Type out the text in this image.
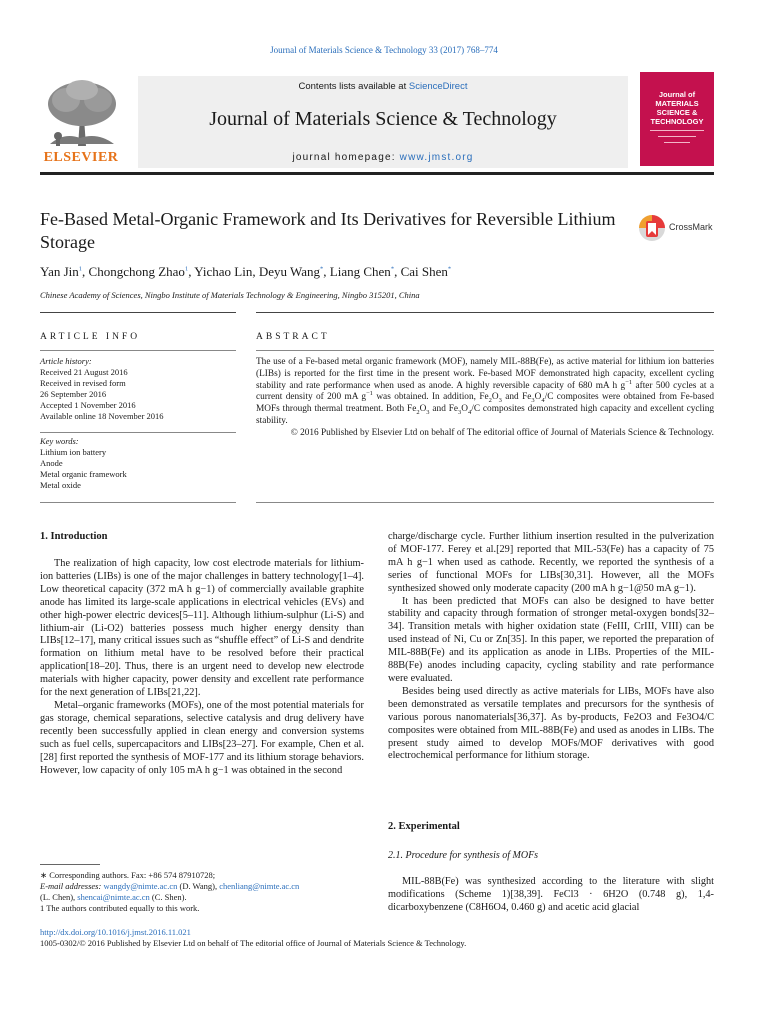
Journal of Materials Science & Technology 33 (2017) 768–774
Contents lists available at ScienceDirect
Journal of Materials Science & Technology
journal homepage: www.jmst.org
ELSEVIER
Journal of MATERIALS SCIENCE & TECHNOLOGY
Fe-Based Metal-Organic Framework and Its Derivatives for Reversible Lithium Storage
CrossMark
Yan Jin$^1$, Chongchong Zhao$^1$, Yichao Lin, Deyu Wang*, Liang Chen*, Cai Shen*
Chinese Academy of Sciences, Ningbo Institute of Materials Technology & Engineering, Ningbo 315201, China
ARTICLE INFO	ABSTRACT
Article history:
Received 21 August 2016
Received in revised form
26 September 2016
Accepted 1 November 2016
Available online 18 November 2016
Key words:
Lithium ion battery
Anode
Metal organic framework
Metal oxide
The use of a Fe-based metal organic framework (MOF), namely MIL-88B(Fe), as active material for lithium ion batteries (LIBs) is reported for the first time in the present work. Fe-based MOF demonstrated high capacity, excellent cycling stability and rate performance when used as anode. A highly reversible capacity of 680 mA h $g^{-1}$ after 500 cycles at a current density of 200 mA $g^{-1}$ was obtained. In addition, $Fe_2O_3$ and $Fe_3O_4/C$ composites were obtained from Fe-based MOFs through thermal treatment. Both $Fe_2O_3$ and $Fe_3O_4/C$ composites demonstrated high capacity and excellent cycling stability.
© 2016 Published by Elsevier Ltd on behalf of The editorial office of Journal of Materials Science & Technology.
1. Introduction

The realization of high capacity, low cost electrode materials for lithium-ion batteries (LIBs) is one of the major challenges in battery technology[1–4]. Low theoretical capacity (372 mA h g−1) of commercially available graphite anode has limited its large-scale applications in electrical vehicles (EVs) and other high-power electric devices[5–11]. Although lithium-sulphur (Li-S) and lithium-air (Li-O2) batteries possess much higher energy density than LIBs[12–17], many critical issues such as “shuffle effect” of Li-S and dendrite formation on lithium metal have to be resolved before their practical application[18–20]. Thus, there is an urgent need to develop new electrode materials with higher capacity, power density and excellent rate performance for the next generation of LIBs[21,22].

Metal–organic frameworks (MOFs), one of the most potential materials for gas storage, chemical separations, selective catalysis and drug delivery have recently been successfully applied in clean energy and conversion systems such as fuel cells, supercapacitors and LIBs[23–27]. For example, Chen et al.[28] first reported the synthesis of MOF-177 and its lithium storage behaviors. However, low capacity of only 105 mA h g−1 was obtained in the second

charge/discharge cycle. Further lithium insertion resulted in the pulverization of MOF-177. Ferey et al.[29] reported that MIL-53(Fe) has a capacity of 75 mA h g−1 when used as cathode. Recently, we reported the synthesis of a series of functional MOFs for LIBs[30,31]. However, all the MOFs synthesized showed only moderate capacity (200 mA h g−1@50 mA g−1).

It has been predicted that MOFs can also be designed to have better stability and capacity through formation of stronger metal-oxygen bonds[32–34]. Transition metals with higher oxidation state (FeIII, CrIII, VIII) can be used instead of Ni, Cu or Zn[35]. In this paper, we reported the preparation of MIL-88B(Fe) and its application as anode in LIBs. Properties of the MIL-88B(Fe) anodes including capacity, cycling stability and rate performance were evaluated.

Besides being used directly as active materials for LIBs, MOFs have also been demonstrated as versatile templates and precursors for the synthesis of various porous nanomaterials[36,37]. As by-products, Fe2O3 and Fe3O4/C composites were obtained from MIL-88B(Fe) and used as anodes in LIBs. The present study aimed to develop MOFs/MOF derivatives with good electrochemical performance for lithium storage.

2. Experimental
2.1. Procedure for synthesis of MOFs

MIL-88B(Fe) was synthesized according to the literature with slight modifications (Scheme 1)[38,39]. FeCl3 · 6H2O (0.748 g), 1,4-dicarboxybenzene (C8H6O4, 0.460 g) and acetic acid glacial

∗ Corresponding authors. Fax: +86 574 87910728;
E-mail addresses: wangdy@nimte.ac.cn (D. Wang), chenliang@nimte.ac.cn
(L. Chen), shencai@nimte.ac.cn (C. Shen).
1 The authors contributed equally to this work.
http://dx.doi.org/10.1016/j.jmst.2016.11.021
1005-0302/© 2016 Published by Elsevier Ltd on behalf of The editorial office of Journal of Materials Science & Technology.
